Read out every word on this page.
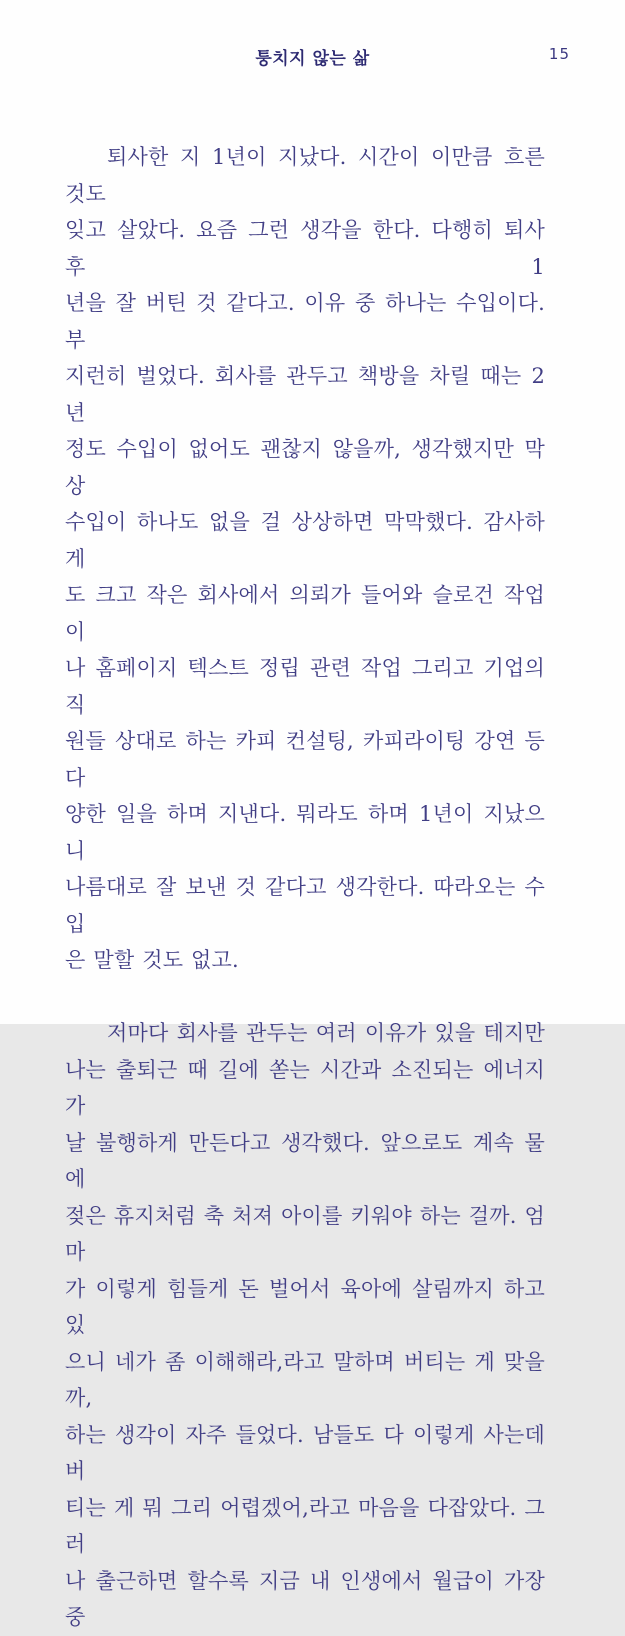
퉁치지 않는 삶	15
퇴사한 지 1년이 지났다. 시간이 이만큼 흐른 것도
잊고 살았다. 요즘 그런 생각을 한다. 다행히 퇴사 후 1
년을 잘 버틴 것 같다고. 이유 중 하나는 수입이다. 부
지런히 벌었다. 회사를 관두고 책방을 차릴 때는 2년
정도 수입이 없어도 괜찮지 않을까, 생각했지만 막상
수입이 하나도 없을 걸 상상하면 막막했다. 감사하게
도 크고 작은 회사에서 의뢰가 들어와 슬로건 작업이
나 홈페이지 텍스트 정립 관련 작업 그리고 기업의 직
원들 상대로 하는 카피 컨설팅, 카피라이팅 강연 등 다
양한 일을 하며 지낸다. 뭐라도 하며 1년이 지났으니
나름대로 잘 보낸 것 같다고 생각한다. 따라오는 수입
은 말할 것도 없고.
저마다 회사를 관두는 여러 이유가 있을 테지만
나는 출퇴근 때 길에 쏟는 시간과 소진되는 에너지가
날 불행하게 만든다고 생각했다. 앞으로도 계속 물에
젖은 휴지처럼 축 처져 아이를 키워야 하는 걸까. 엄마
가 이렇게 힘들게 돈 벌어서 육아에 살림까지 하고 있
으니 네가 좀 이해해라,라고 말하며 버티는 게 맞을까,
하는 생각이 자주 들었다. 남들도 다 이렇게 사는데 버
티는 게 뭐 그리 어렵겠어,라고 마음을 다잡았다. 그러
나 출근하면 할수록 지금 내 인생에서 월급이 가장 중
